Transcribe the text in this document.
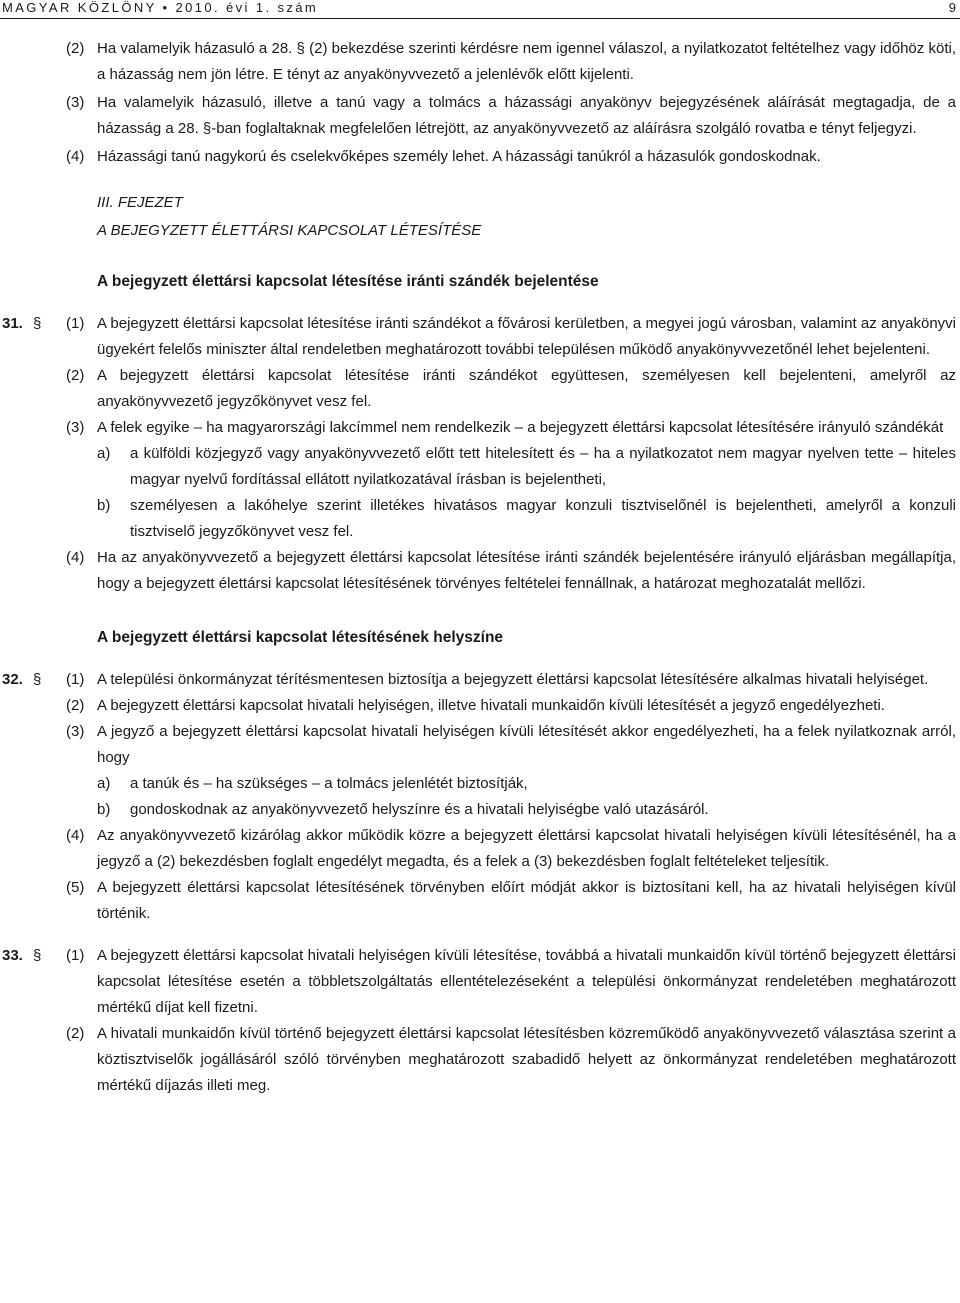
MAGYAR KÖZLÖNY • 2010. évi 1. szám	9
(2) Ha valamelyik házasuló a 28. § (2) bekezdése szerinti kérdésre nem igennel válaszol, a nyilatkozatot feltételhez vagy időhöz köti, a házasság nem jön létre. E tényt az anyakönyvvezető a jelenlévők előtt kijelenti.
(3) Ha valamelyik házasuló, illetve a tanú vagy a tolmács a házassági anyakönyv bejegyzésének aláírását megtagadja, de a házasság a 28. §-ban foglaltaknak megfelelően létrejött, az anyakönyvvezető az aláírásra szolgáló rovatba e tényt feljegyzi.
(4) Házassági tanú nagykorú és cselekvőképes személy lehet. A házassági tanúkról a házasulók gondoskodnak.
III. FEJEZET
A BEJEGYZETT ÉLETTÁRSI KAPCSOLAT LÉTESÍTÉSE
A bejegyzett élettársi kapcsolat létesítése iránti szándék bejelentése
31. § (1) A bejegyzett élettársi kapcsolat létesítése iránti szándékot a fővárosi kerületben, a megyei jogú városban, valamint az anyakönyvi ügyekért felelős miniszter által rendeletben meghatározott további településen működő anyakönyvvezetőnél lehet bejelenteni.
(2) A bejegyzett élettársi kapcsolat létesítése iránti szándékot együttesen, személyesen kell bejelenteni, amelyről az anyakönyvvezető jegyzőkönyvet vesz fel.
(3) A felek egyike – ha magyarországi lakcímmel nem rendelkezik – a bejegyzett élettársi kapcsolat létesítésére irányuló szándékát
a) a külföldi közjegyző vagy anyakönyvvezető előtt tett hitelesített és – ha a nyilatkozatot nem magyar nyelven tette – hiteles magyar nyelvű fordítással ellátott nyilatkozatával írásban is bejelentheti,
b) személyesen a lakóhelye szerint illetékes hivatásos magyar konzuli tisztviselőnél is bejelentheti, amelyről a konzuli tisztviselő jegyzőkönyvet vesz fel.
(4) Ha az anyakönyvvezető a bejegyzett élettársi kapcsolat létesítése iránti szándék bejelentésére irányuló eljárásban megállapítja, hogy a bejegyzett élettársi kapcsolat létesítésének törvényes feltételei fennállnak, a határozat meghozatalát mellőzi.
A bejegyzett élettársi kapcsolat létesítésének helyszíne
32. § (1) A települési önkormányzat térítésmentesen biztosítja a bejegyzett élettársi kapcsolat létesítésére alkalmas hivatali helyiséget.
(2) A bejegyzett élettársi kapcsolat hivatali helyiségen, illetve hivatali munkaidőn kívüli létesítését a jegyző engedélyezheti.
(3) A jegyző a bejegyzett élettársi kapcsolat hivatali helyiségen kívüli létesítését akkor engedélyezheti, ha a felek nyilatkoznak arról, hogy
a) a tanúk és – ha szükséges – a tolmács jelenlétét biztosítják,
b) gondoskodnak az anyakönyvvezető helyszínre és a hivatali helyiségbe való utazásáról.
(4) Az anyakönyvvezető kizárólag akkor működik közre a bejegyzett élettársi kapcsolat hivatali helyiségen kívüli létesítésénél, ha a jegyző a (2) bekezdésben foglalt engedélyt megadta, és a felek a (3) bekezdésben foglalt feltételeket teljesítik.
(5) A bejegyzett élettársi kapcsolat létesítésének törvényben előírt módját akkor is biztosítani kell, ha az hivatali helyiségen kívül történik.
33. § (1) A bejegyzett élettársi kapcsolat hivatali helyiségen kívüli létesítése, továbbá a hivatali munkaidőn kívül történő bejegyzett élettársi kapcsolat létesítése esetén a többletszolgáltatás ellentételezéseként a települési önkormányzat rendeletében meghatározott mértékű díjat kell fizetni.
(2) A hivatali munkaidőn kívül történő bejegyzett élettársi kapcsolat létesítésben közreműködő anyakönyvvezető választása szerint a köztisztviselők jogállásáról szóló törvényben meghatározott szabadidő helyett az önkormányzat rendeletében meghatározott mértékű díjazás illeti meg.
